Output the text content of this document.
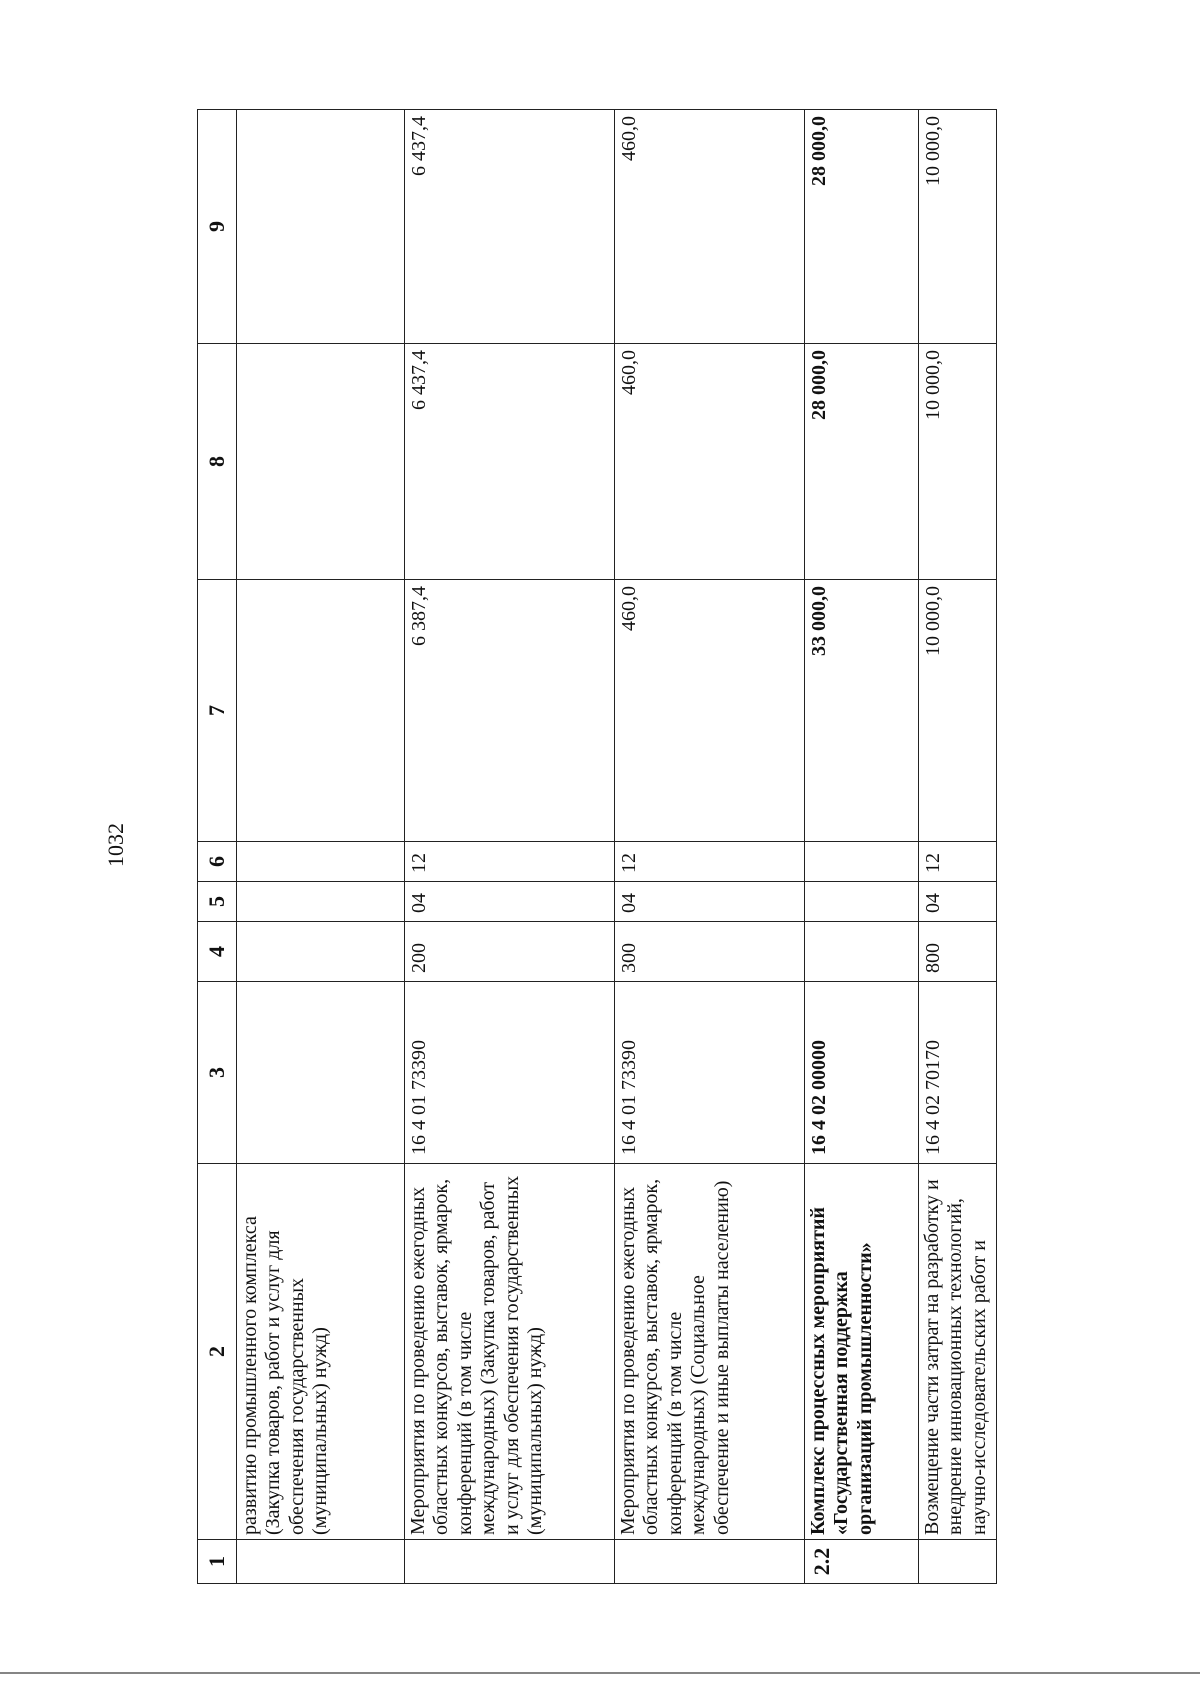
1032
1	2	3	4	5	6	7	8	9
	развитию промышленного комплекса (Закупка товаров, работ и услуг для обеспечения государственных (муниципальных) нужд)							
	Мероприятия по проведению ежегодных областных конкурсов, выставок, ярмарок, конференций (в том числе международных) (Закупка товаров, работ и услуг для обеспечения государственных (муниципальных) нужд)	16 4 01 73390	200	04	12	6 387,4	6 437,4	6 437,4
	Мероприятия по проведению ежегодных областных конкурсов, выставок, ярмарок, конференций (в том числе международных) (Социальное обеспечение и иные выплаты населению)	16 4 01 73390	300	04	12	460,0	460,0	460,0
2.2	Комплекс процессных мероприятий «Государственная поддержка организаций промышленности»	16 4 02 00000				33 000,0	28 000,0	28 000,0
	Возмещение части затрат на разработку и внедрение инновационных технологий, научно-исследовательских работ и	16 4 02 70170	800	04	12	10 000,0	10 000,0	10 000,0
